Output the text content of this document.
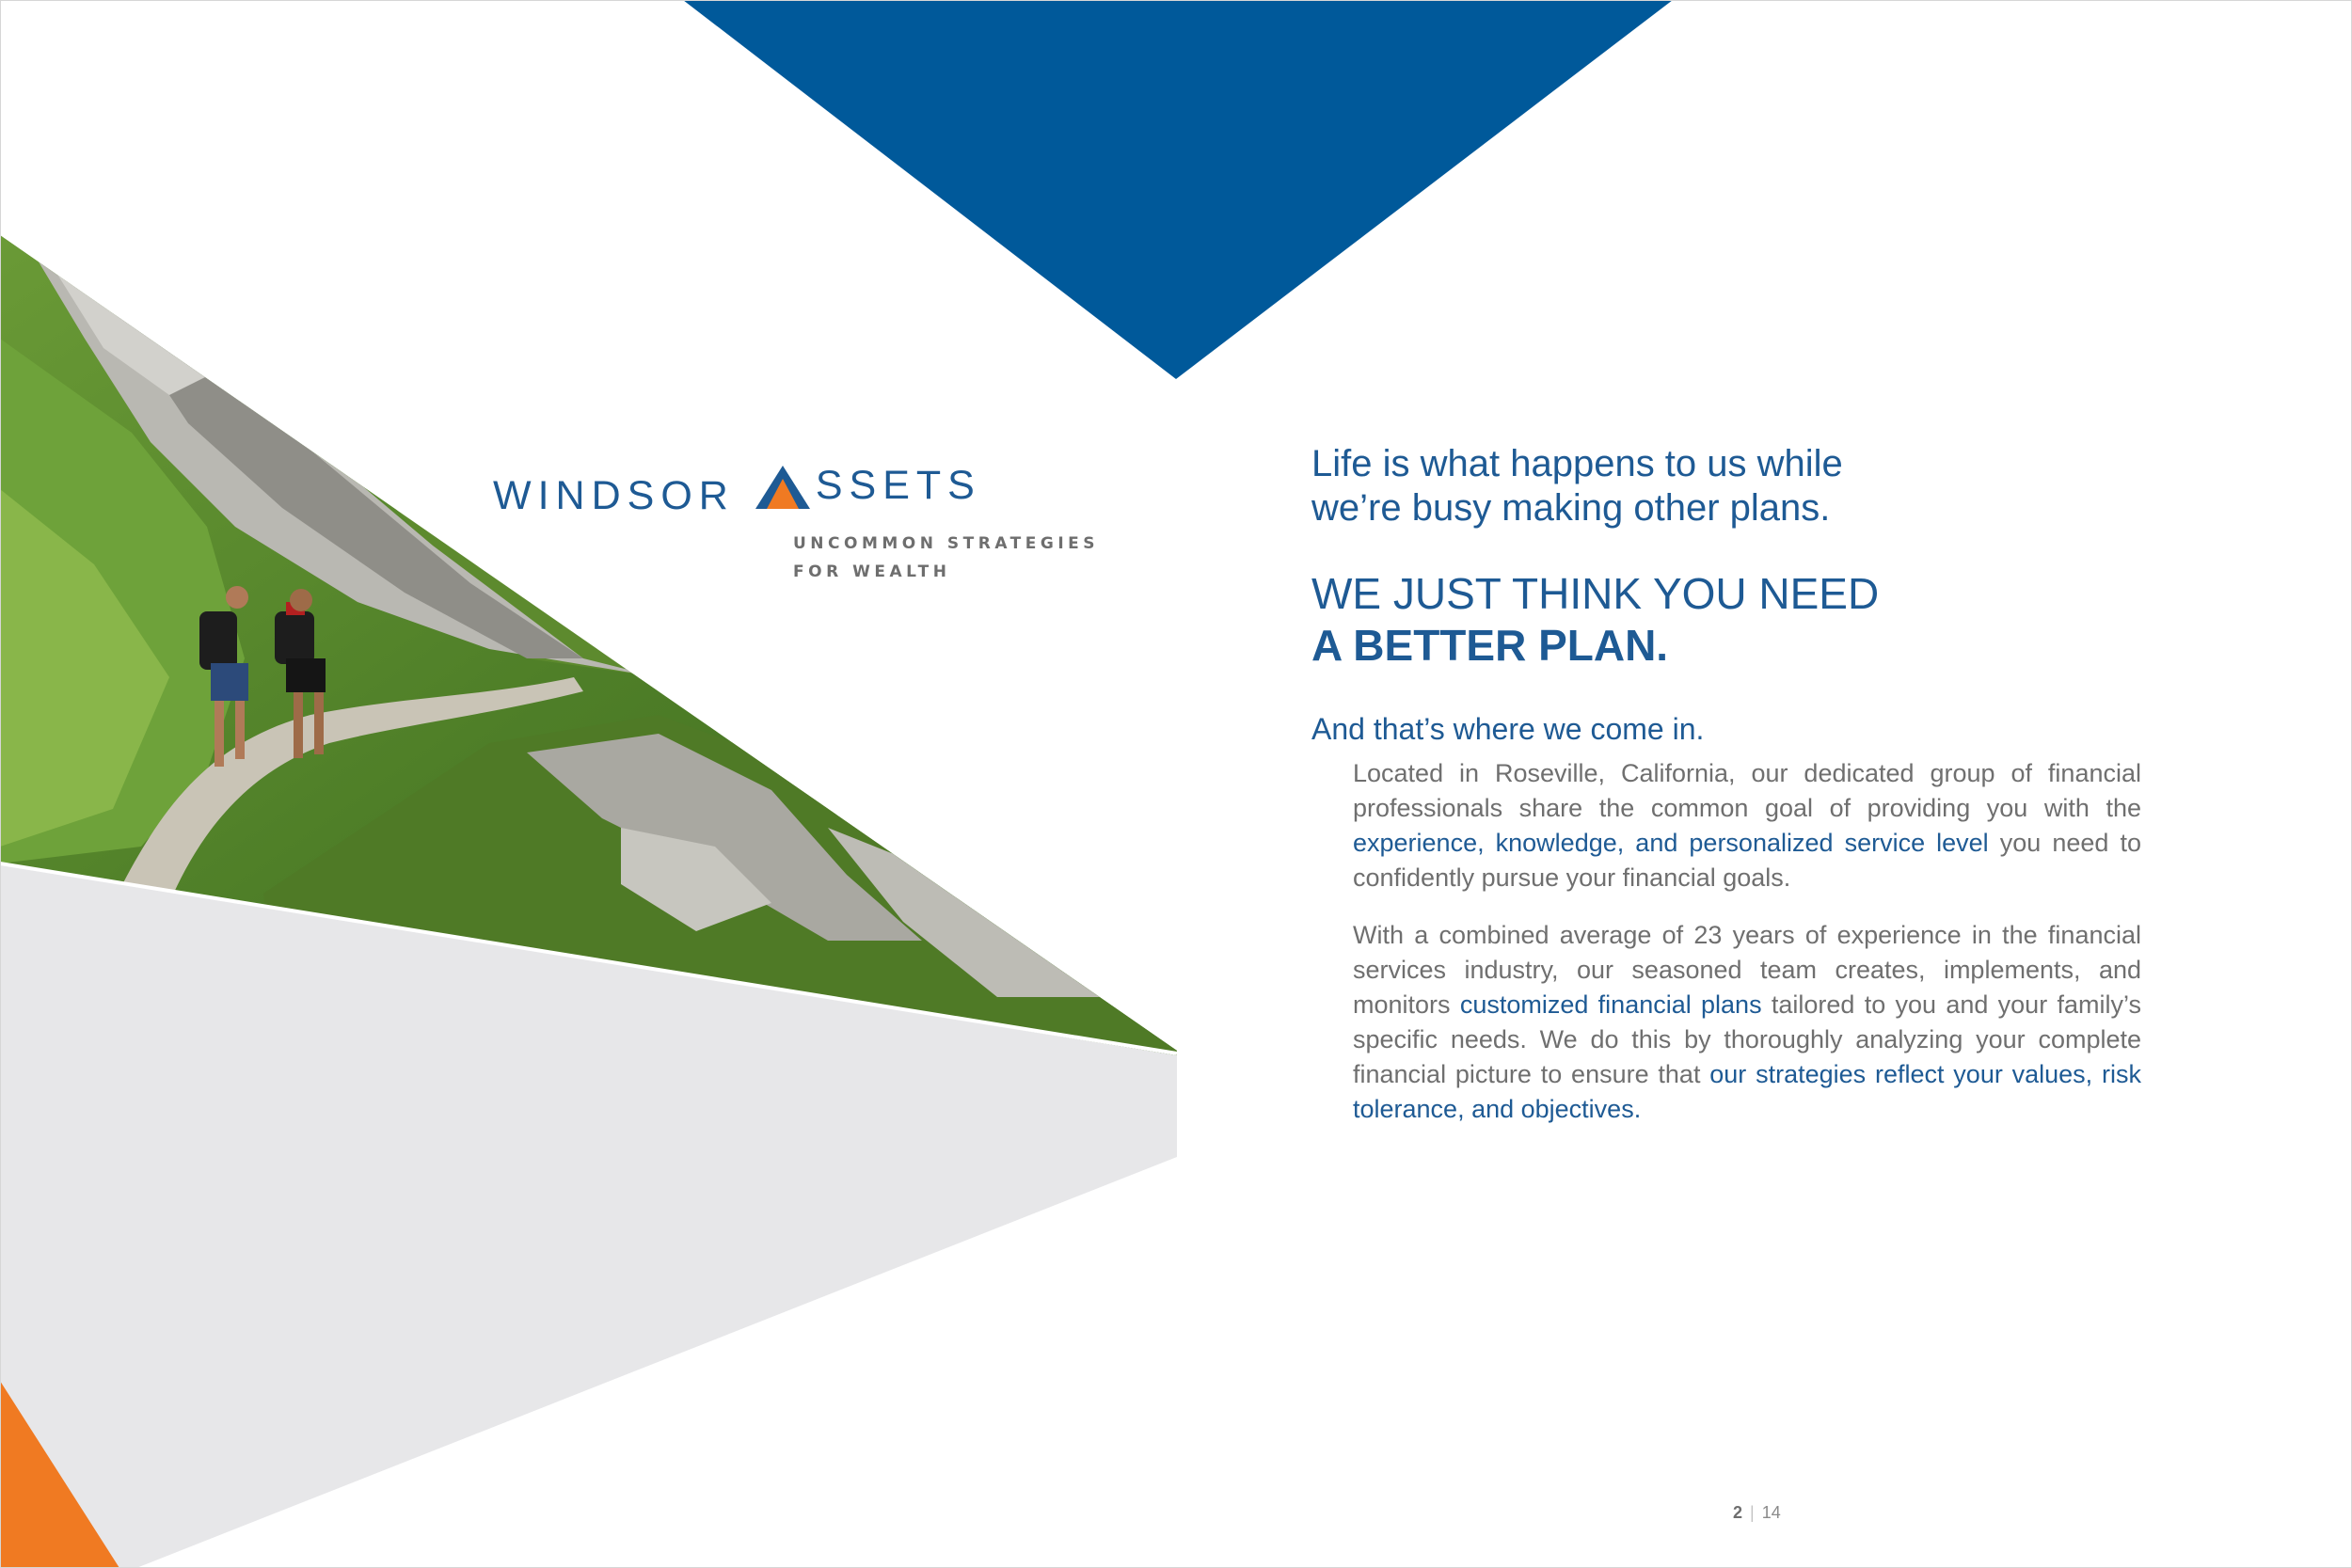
WINDSOR SSETS
UNCOMMON STRATEGIES
FOR WEALTH
Life is what happens to us while
we’re busy making other plans.
WE JUST THINK YOU NEED
A BETTER PLAN.
And that’s where we come in.
Located in Roseville, California, our dedicated group of financial professionals share the common goal of providing you with the experience, knowledge, and personalized service level you need to confidently pursue your financial goals.
With a combined average of 23 years of experience in the financial services industry, our seasoned team creates, implements, and monitors customized financial plans tailored to you and your family’s specific needs. We do this by thoroughly analyzing your complete financial picture to ensure that our strategies reflect your values, risk tolerance, and objectives.
2 | 14
